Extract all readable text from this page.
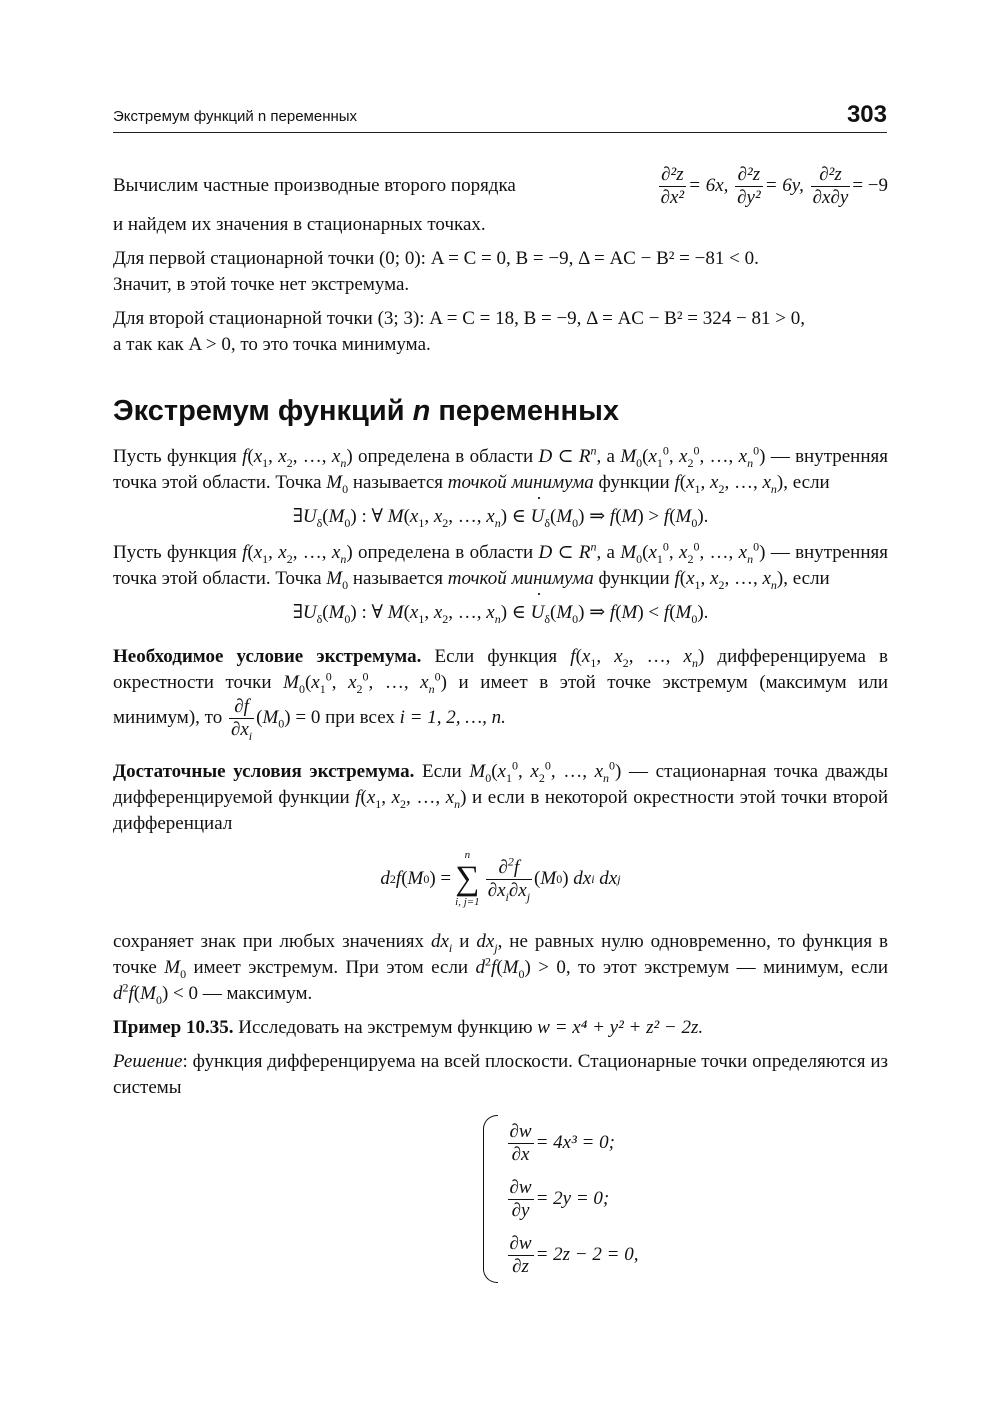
Экстремум функций n переменных	303
Вычислим частные производные второго порядка	$\frac{\text{∂²z}}{\text{∂x²}} = 6x$, $\frac{\text{∂²z}}{\text{∂y²}} = 6y$, $\frac{\text{∂²z}}{\partial x\partial y} = -9$

и найдем их значения в стационарных точках.

Для первой стационарной точки (0; 0): A = C = 0, B = −9, Δ = AC − B² = −81 < 0.
Значит, в этой точке нет экстремума.

Для второй стационарной точки (3; 3): A = C = 18, B = −9, Δ = AC − B² = 324 − 81 > 0,
а так как A > 0, то это точка минимума.

Экстремум функций n переменных

Пусть функция $f(x_1$, $x_2$, …, $x_n$) определена в области D ⊂ $R^n$, а $M_0(x_1^0$, $x_2^0$, …, $x_n^0$) — внутренняя точка этой области. Точка $M_0$ называется точкой минимума функции $f(x_1$, $x_2$, …, $x_n$), если

$\exists U_\delta(M_0)$ : ∀ $M(x_1$, $x_2$, …, $x_n$) ∈ ˙ $U_\delta(M_0)$ ⇒ $f(M) > f(M_0)$.

Пусть функция $f(x_1$, $x_2$, …, $x_n$) определена в области D ⊂ $R^n$, а $M_0(x_1^0$, $x_2^0$, …, $x_n^0$) — внутренняя точка этой области. Точка $M_0$ называется точкой минимума функции $f(x_1$, $x_2$, …, $x_n$), если

$\exists U_\delta(M_0)$ : ∀ $M(x_1$, $x_2$, …, $x_n$) ∈ ˙ $U_\delta(M_0)$ ⇒ $f(M) < f(M_0)$.

Необходимое условие экстремума. Если функция $f(x_1$, $x_2$, …, $x_n$) дифференцируема в окрестности точки $M_0(x_1^0$, $x_2^0$, …, $x_n^0$) и имеет в этой точке экстремум (максимум или минимум), то $\frac{\partial f}{\partial x_i} (M_0) = 0$ при всех i = 1, 2, …, n.

Достаточные условия экстремума. Если $M_0(x_1^0$, $x_2^0$, …, $x_n^0$) — стационарная точка дважды дифференцируемой функции $f(x_1$, $x_2$, …, $x_n$) и если в некоторой окрестности этой точки второй дифференциал

d 2 f ( M 0 ) =
n
∑
i, j=1
$\frac{\partial^2f}{\partial x_i\partial x_j}$ ( M 0 ) dx i
dx j

сохраняет знак при любых значениях $dx_i$ и $dx_j$, не равных нулю одновременно, то функция в точке $M_0$ имеет экстремум. При этом если $d^2f(M_0) > 0$, то этот экстремум — минимум, если $d^2f(M_0) < 0$ — максимум.

Пример 10.35. Исследовать на экстремум функцию w = x⁴ + y² + z² − 2z.

Решение: функция дифференцируема на всей плоскости. Стационарные точки определяются из системы

$\frac{\partial w}{\partial x} = 4x^3 = 0$;
$\frac{\partial w}{\partial y} = 2y = 0$;
$\frac{\partial w}{\partial z} = 2z - 2 = 0$,
